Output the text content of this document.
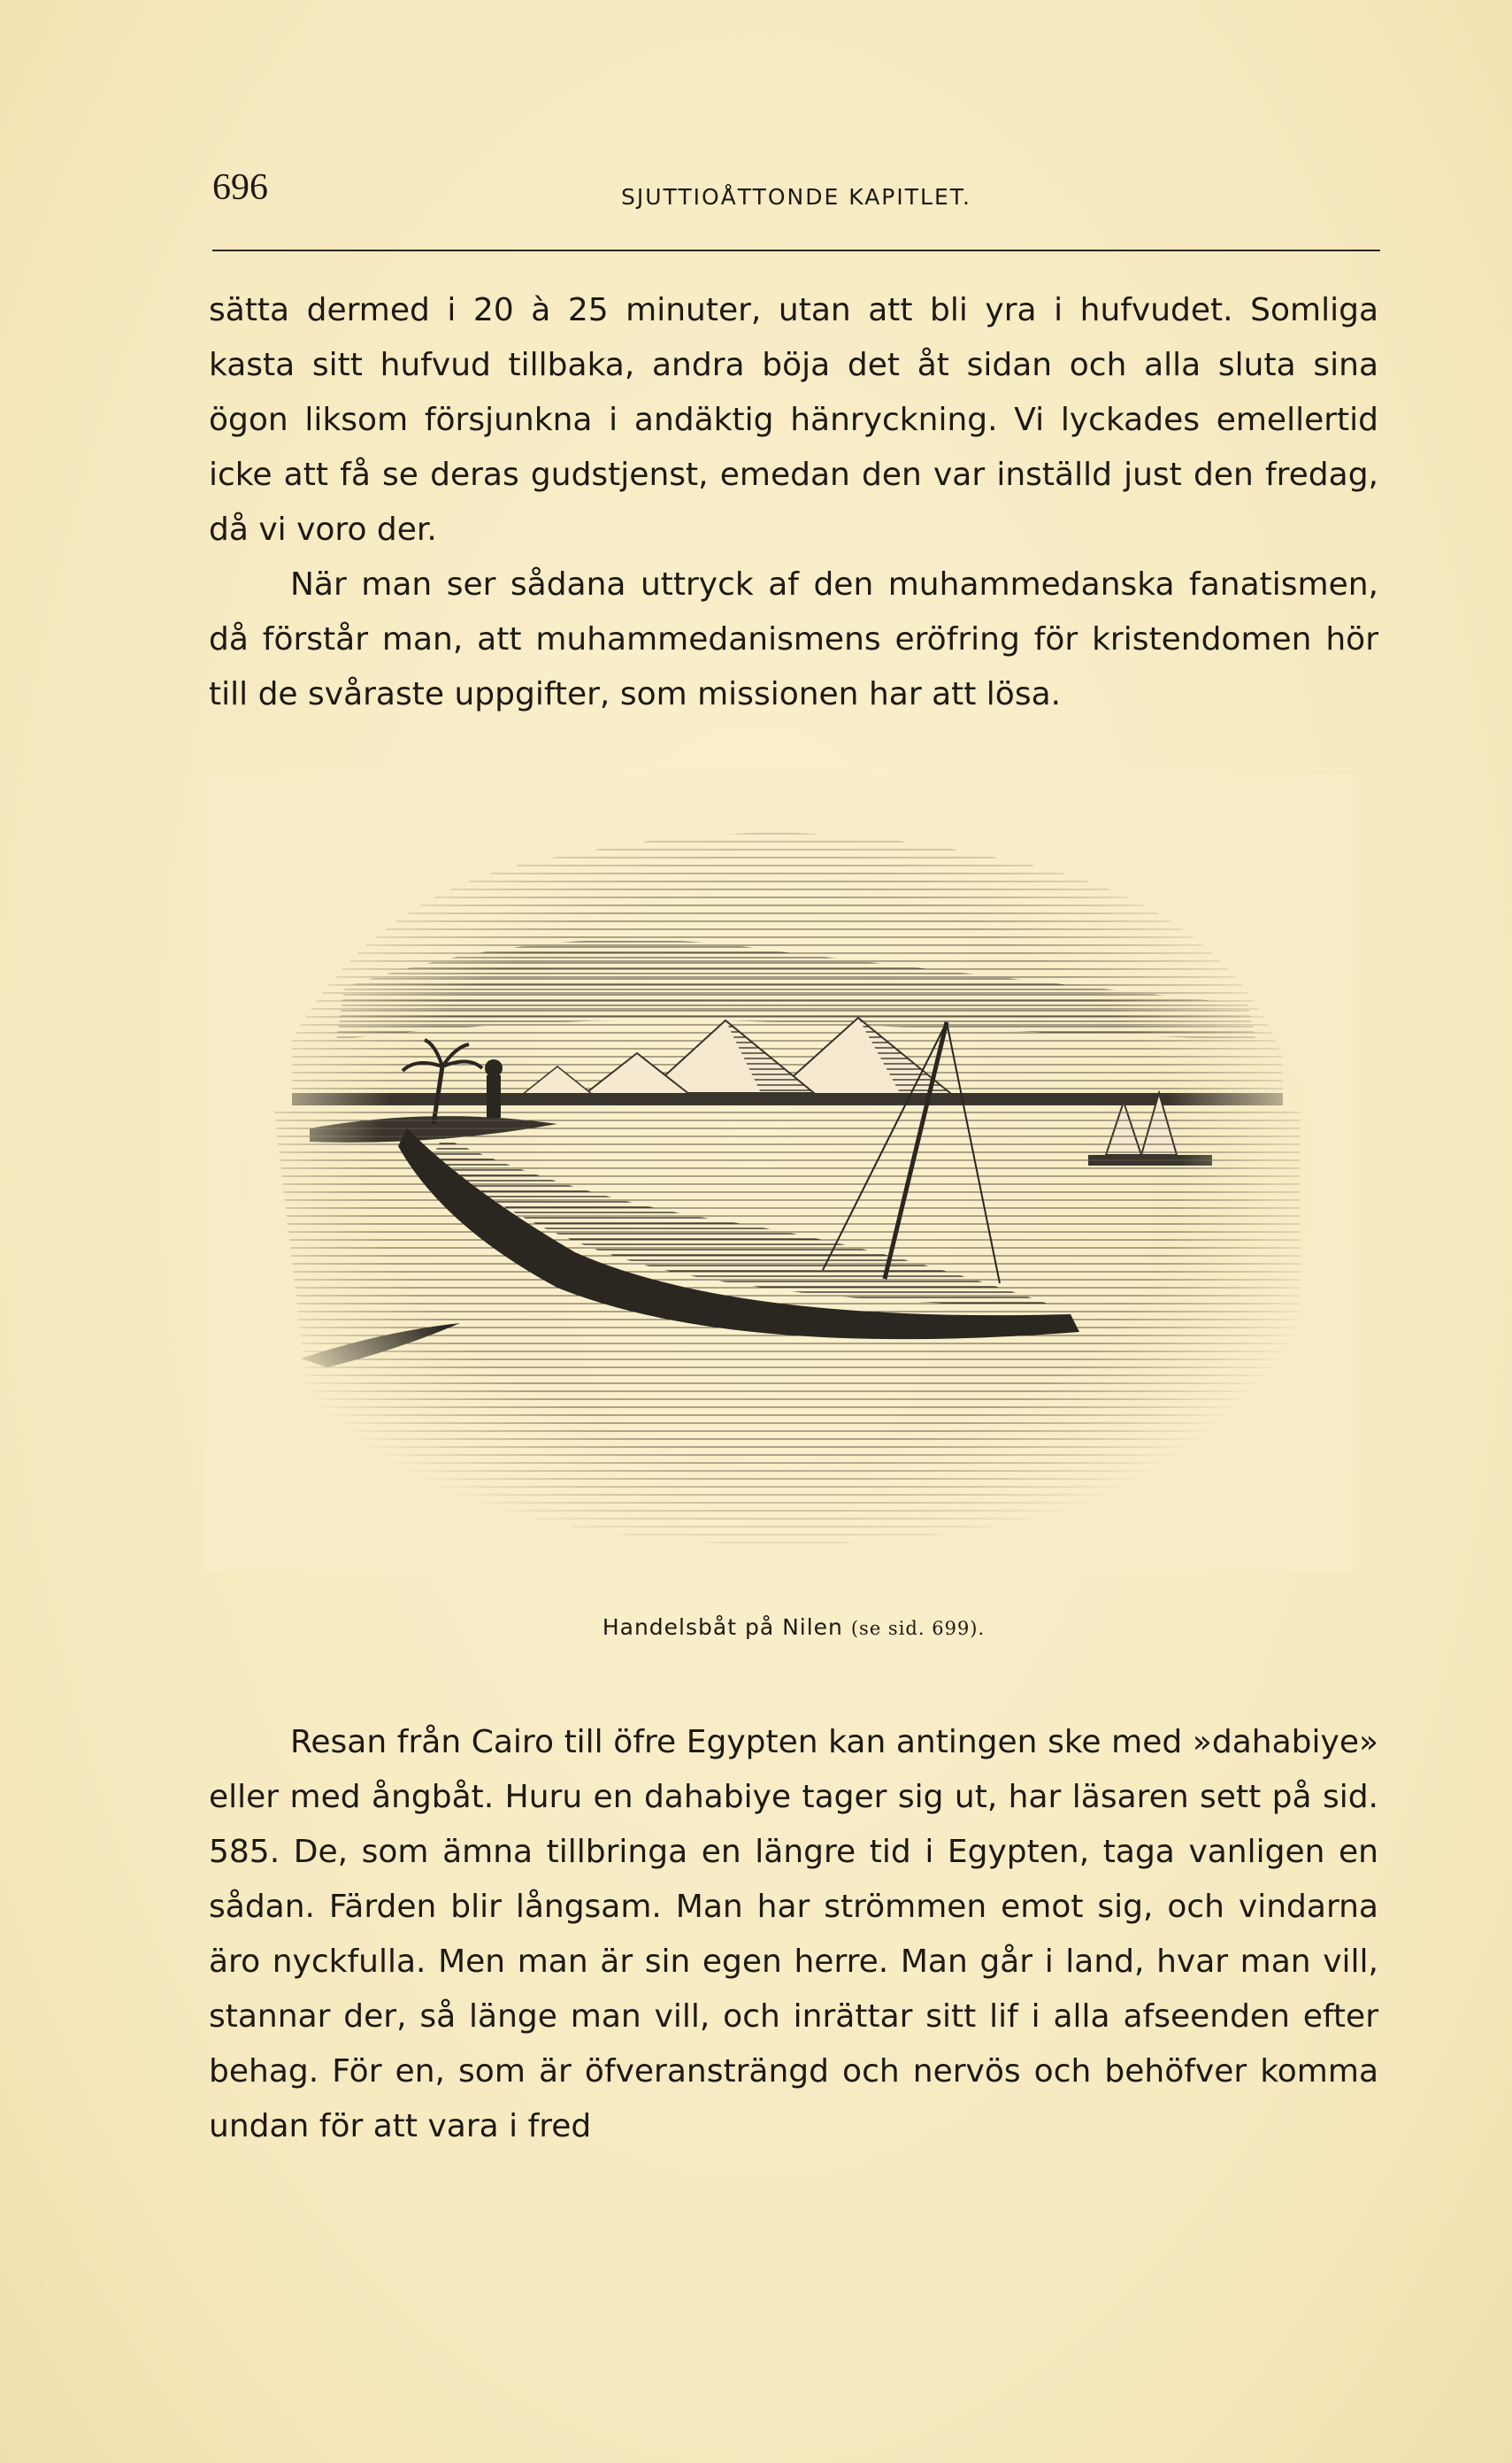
696	SJUTTIOÅTTONDE KAPITLET.

sätta dermed i 20 à 25 minuter, utan att bli yra i hufvudet. Somliga kasta sitt hufvud tillbaka, andra böja det åt sidan och alla sluta sina ögon liksom försjunkna i andäktig hänryckning. Vi lyckades emellertid icke att få se deras gudstjenst, emedan den var inställd just den fredag, då vi voro der.

När man ser sådana uttryck af den muhammedanska fanatismen, då förstår man, att muhammedanismens eröfring för kristendomen hör till de svåraste uppgifter, som missionen har att lösa.

Handelsbåt på Nilen (se sid. 699).

Resan från Cairo till öfre Egypten kan antingen ske med »dahabiye» eller med ångbåt. Huru en dahabiye tager sig ut, har läsaren sett på sid. 585. De, som ämna tillbringa en längre tid i Egypten, taga vanligen en sådan. Färden blir långsam. Man har strömmen emot sig, och vindarna äro nyckfulla. Men man är sin egen herre. Man går i land, hvar man vill, stannar der, så länge man vill, och inrättar sitt lif i alla afseenden efter behag. För en, som är öfveransträngd och nervös och behöfver komma undan för att vara i fred
